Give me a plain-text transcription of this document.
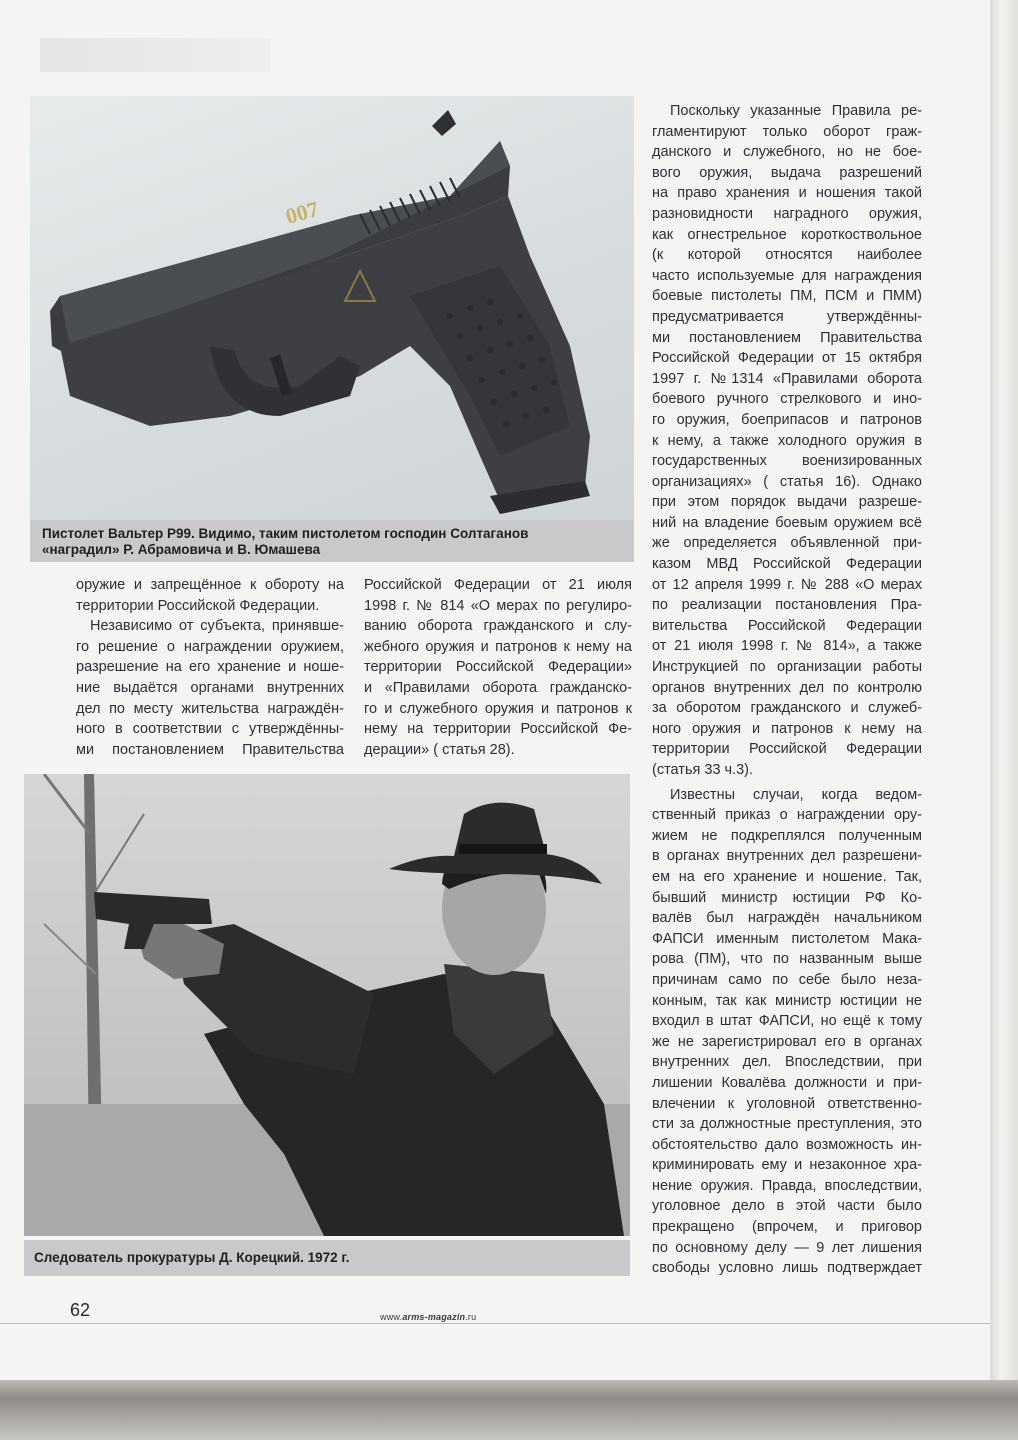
007
Пистолет Вальтер Р99. Видимо, таким пистолетом господин Солтаганов
«наградил» Р. Абрамовича и В. Юмашева
оружие и запрещённое к обороту на
территории Российской Федерации.
Независимо от субъекта, принявше-
го решение о награждении оружием,
разрешение на его хранение и ноше-
ние выдаётся органами внутренних
дел по месту жительства награждён-
ного в соответствии с утверждённы-
ми постановлением Правительства
Российской Федерации от 21 июля
1998 г. № 814 «О мерах по регулиро-
ванию оборота гражданского и слу-
жебного оружия и патронов к нему на
территории Российской Федерации»
и «Правилами оборота гражданско-
го и служебного оружия и патронов к
нему на территории Российской Фе-
дерации» ( статья 28).
Следователь прокуратуры Д. Корецкий. 1972 г.
Поскольку указанные Правила ре-
гламентируют только оборот граж-
данского и служебного, но не бое-
вого оружия, выдача разрешений
на право хранения и ношения такой
разновидности наградного оружия,
как огнестрельное короткоствольное
(к которой относятся наиболее
часто используемые для награждения
боевые пистолеты ПМ, ПСМ и ПММ)
предусматривается утверждённы-
ми постановлением Правительства
Российской Федерации от 15 октября
1997 г. №1314 «Правилами оборота
боевого ручного стрелкового и ино-
го оружия, боеприпасов и патронов
к нему, а также холодного оружия в
государственных военизированных
организациях» ( статья 16). Однако
при этом порядок выдачи разреше-
ний на владение боевым оружием всё
же определяется объявленной при-
казом МВД Российской Федерации
от 12 апреля 1999 г. № 288 «О мерах
по реализации постановления Пра-
вительства Российской Федерации
от 21 июля 1998 г. № 814», а также
Инструкцией по организации работы
органов внутренних дел по контролю
за оборотом гражданского и служеб-
ного оружия и патронов к нему на
территории Российской Федерации
(статья 33 ч.3).
Известны случаи, когда ведом-
ственный приказ о награждении ору-
жием не подкреплялся полученным
в органах внутренних дел разрешени-
ем на его хранение и ношение. Так,
бывший министр юстиции РФ Ко-
валёв был награждён начальником
ФАПСИ именным пистолетом Мака-
рова (ПМ), что по названным выше
причинам само по себе было неза-
конным, так как министр юстиции не
входил в штат ФАПСИ, но ещё к тому
же не зарегистрировал его в органах
внутренних дел. Впоследствии, при
лишении Ковалёва должности и при-
влечении к уголовной ответственно-
сти за должностные преступления, это
обстоятельство дало возможность ин-
криминировать ему и незаконное хра-
нение оружия. Правда, впоследствии,
уголовное дело в этой части было
прекращено (впрочем, и приговор
по основному делу — 9 лет лишения
свободы условно лишь подтверждает
62	www.arms-magazin.ru
